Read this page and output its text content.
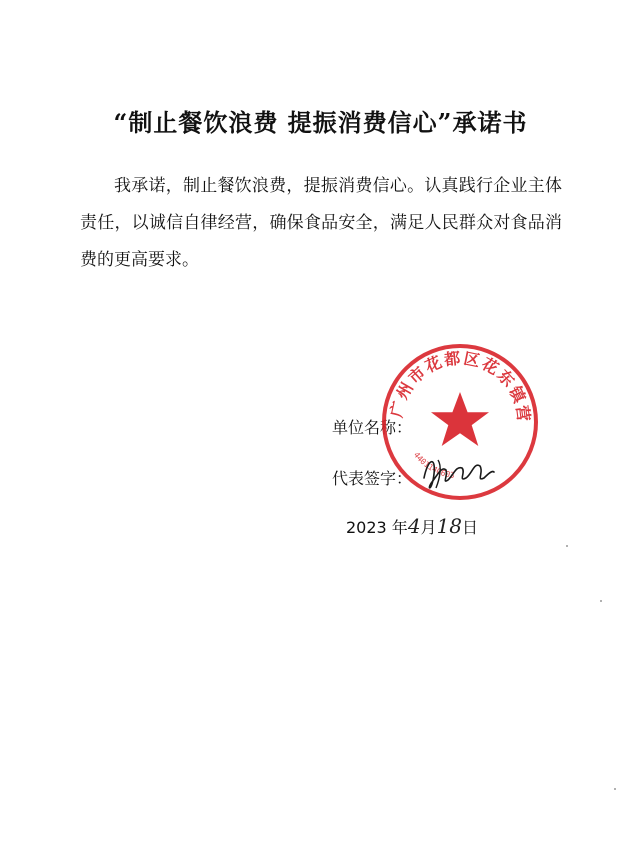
“制止餐饮浪费 提振消费信心”承诺书
我承诺，制止餐饮浪费，提振消费信心。认真践行企业主体责任，以诚信自律经营，确保食品安全，满足人民群众对食品消费的更高要求。
单位名称：
代表签字：
2023 年4月18日
广州市花都区花东镇营
4401140603
